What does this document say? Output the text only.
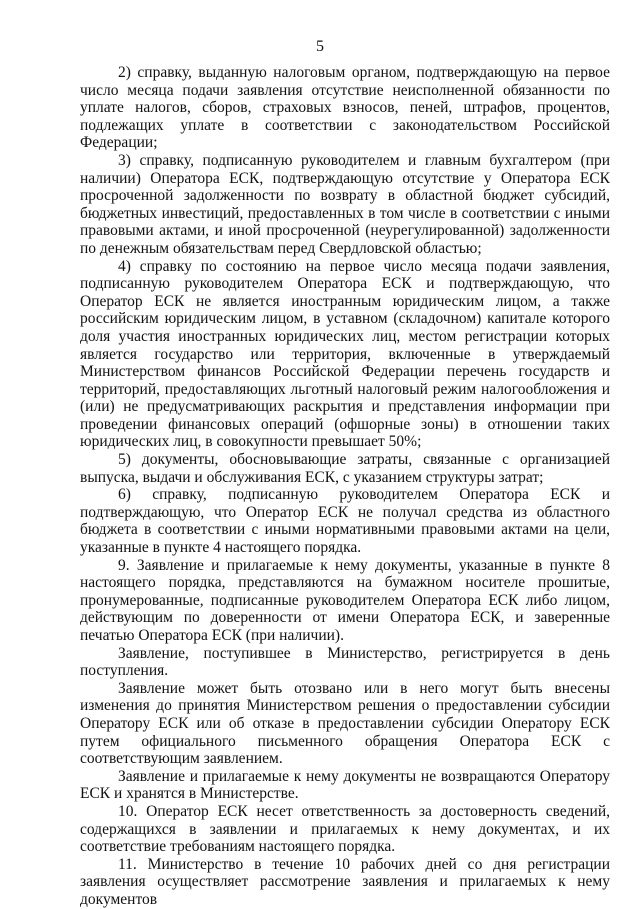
5

2) справку, выданную налоговым органом, подтверждающую на первое число месяца подачи заявления отсутствие неисполненной обязанности по уплате налогов, сборов, страховых взносов, пеней, штрафов, процентов, подлежащих уплате в соответствии с законодательством Российской Федерации;

3) справку, подписанную руководителем и главным бухгалтером (при наличии) Оператора ЕСК, подтверждающую отсутствие у Оператора ЕСК просроченной задолженности по возврату в областной бюджет субсидий, бюджетных инвестиций, предоставленных в том числе в соответствии с иными правовыми актами, и иной просроченной (неурегулированной) задолженности по денежным обязательствам перед Свердловской областью;

4) справку по состоянию на первое число месяца подачи заявления, подписанную руководителем Оператора ЕСК и подтверждающую, что Оператор ЕСК не является иностранным юридическим лицом, а также российским юридическим лицом, в уставном (складочном) капитале которого доля участия иностранных юридических лиц, местом регистрации которых является государство или территория, включенные в утверждаемый Министерством финансов Российской Федерации перечень государств и территорий, предоставляющих льготный налоговый режим налогообложения и (или) не предусматривающих раскрытия и представления информации при проведении финансовых операций (офшорные зоны) в отношении таких юридических лиц, в совокупности превышает 50%;

5) документы, обосновывающие затраты, связанные с организацией выпуска, выдачи и обслуживания ЕСК, с указанием структуры затрат;

6) справку, подписанную руководителем Оператора ЕСК и подтверждающую, что Оператор ЕСК не получал средства из областного бюджета в соответствии с иными нормативными правовыми актами на цели, указанные в пункте 4 настоящего порядка.

9. Заявление и прилагаемые к нему документы, указанные в пункте 8 настоящего порядка, представляются на бумажном носителе прошитые, пронумерованные, подписанные руководителем Оператора ЕСК либо лицом, действующим по доверенности от имени Оператора ЕСК, и заверенные печатью Оператора ЕСК (при наличии).

Заявление, поступившее в Министерство, регистрируется в день поступления.

Заявление может быть отозвано или в него могут быть внесены изменения до принятия Министерством решения о предоставлении субсидии Оператору ЕСК или об отказе в предоставлении субсидии Оператору ЕСК путем официального письменного обращения Оператора ЕСК с соответствующим заявлением.

Заявление и прилагаемые к нему документы не возвращаются Оператору ЕСК и хранятся в Министерстве.

10. Оператор ЕСК несет ответственность за достоверность сведений, содержащихся в заявлении и прилагаемых к нему документах, и их соответствие требованиям настоящего порядка.

11. Министерство в течение 10 рабочих дней со дня регистрации заявления осуществляет рассмотрение заявления и прилагаемых к нему документов
